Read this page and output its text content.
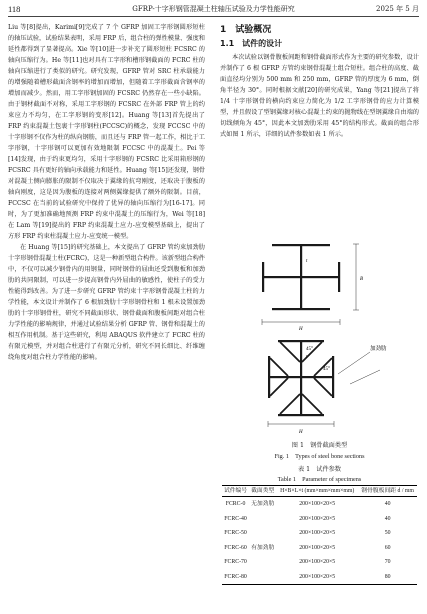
118	GFRP-十字形钢管混凝土柱轴压试验及力学性能研究	2025 年 5 月

Liu 等[8]提出，Karimi[9]完成了 7 个 GFRP 加固工字形钢圆形短柱的轴压试验，试验结果表明，采用 FRP 后，组合柱的弹性模量、强度和延性都得到了显著提高。Xie 等[10]进一步补充了圆形短柱 FCSRC 的轴向压缩行为。He 等[11]也对具有工字形和槽形钢截面的 FCRC 柱的轴向压缩进行了类似的研究。研究发现，GFRP 管对 SRC 柱承载能力的增强随着槽形截面含钢率的增加而增加，但随着工字形截面含钢率的增加而减少。然而，用工字形钢加固的 FCSRC 仍然存在一些小缺陷。由于钢材截面不对称，采用工字形钢的 FCSRC 在外部 FRP 管上的约束应力不均匀，在工字形钢的变形[12]。Huang 等[13]首先提出了 FRP 约束混凝土包裹十字形钢柱(FCCSC)的概念，发现 FCCSC 中的十字形钢不仅作为柱的纵向钢筋，而且还与 FRP 管一起工作，相比于工字形钢，十字形钢可以更加有效地限制 FCCSC 中的混凝土。Pei 等[14]发现，由于约束更均匀，采用十字形钢的 FCSRC 比采用箱形钢的 FCSRC 具有更好的轴向承载能力和延性。Huang 等[15]还发现，钢骨对混凝土侧向膨胀的限制不仅取决于翼缘的抗弯刚度，还取决于腹板的轴向刚度，这是因为腹板的连接对两侧翼缘提供了额外的限制。目前，FCCSC 在当前的试验研究中保持了优异的轴向压缩行为[16-17]。同时，为了更加准确地预测 FRP 约束中混凝土的压缩行为，Wei 等[18]在 Lam 等[19]提出的 FRP 约束混凝土应力-应变模型基础上，提出了方形 FRP 约束柱混凝土应力-应变统一模型。

在 Huang 等[15]的研究基础上，本文提出了 GFRP 管约束加劲肋十字形钢骨混凝土柱(FCRC)，这是一种新型组合构件。该新型组合构件中，不仅可以减少钢骨内的用钢量，同时钢骨的屈曲还受到腹板和加劲肋的共同限制，可以进一步提高钢骨内外屈曲的敏感性，使柱子的受力性能得到改善。为了进一步研究 GFRP 管约束十字形钢骨混凝土柱的力学性能，本文设计并制作了 6 根加劲肋十字形钢骨柱和 1 根未设置加劲肋的十字形钢骨柱，研究不同截面形状、钢骨截面和腹板间距对组合柱力学性能的影响规律，并通过试验结果分析 GFRP 管、钢骨和混凝土的相互作用机制。基于这些研究，利用 ABAQUS 软件建立了 FCRC 柱的有限元模型，并对组合柱进行了有限元分析，研究不同长细比、纤维缠绕角度对组合柱力学性能的影响。

1　试验概况
1.1　试件的设计

本次试验以钢骨腹板间距和钢骨截面形式作为主要的研究参数，设计并制作了 6 根 GFRP 方管约束钢骨混凝土组合短柱。组合柱的高度、截面直径均分别为 500 mm 和 250 mm，GFRP 管的厚度为 6 mm，倒角半径为 30°。同时根据文献[20]的研究成果，Yang 等[21]提出了将 1/4 十字形钢骨的横向约束应力简化为 1/2 工字形钢骨的应力计算模型，并且假设了型钢翼缘对核心混凝土约束的抛物线在型钢翼缘自由端的切线倾角为 45°，因此本文加劲肋采用 45°的结构形式。截面的组合形式如图 1 所示，详细的试件参数如表 1 所示。

t
B
H
t
45°
45°
加劲肋
H
图 1　钢骨截面类型
Fig. 1　Types of steel bone sections
表 1　试件参数
Table 1　Parameter of specimens
试件编号	截面类型	H×B×L×t (mm×mm×mm×mm)	钢骨腹板间距 d / mm
FCRC-0	无加劲肋	200×100×20×5	40
FCRC-40		200×100×20×5	40
FCRC-50		200×100×20×5	50
FCRC-60	有加劲肋	200×100×20×5	60
FCRC-70		200×100×20×5	70
FCRC-80		200×100×20×5	80
